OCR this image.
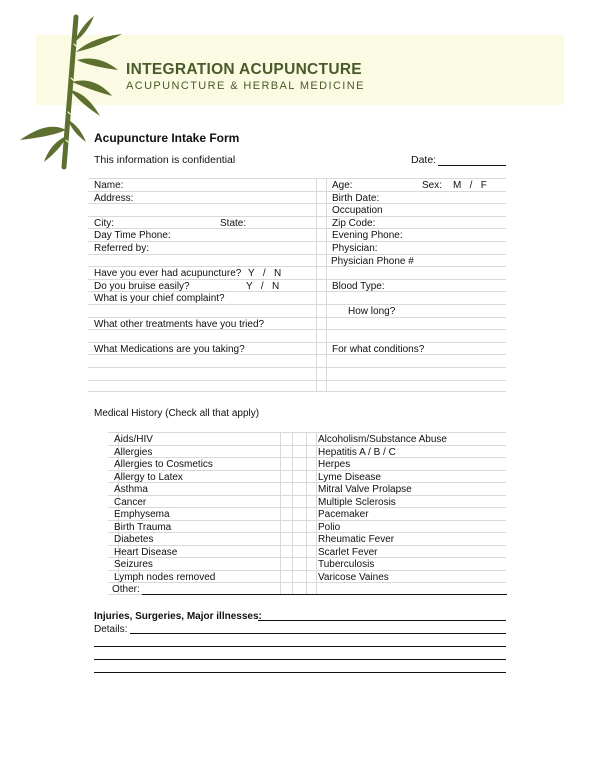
INTEGRATION ACUPUNCTURE
ACUPUNCTURE & HERBAL MEDICINE
Acupuncture Intake Form
This information is confidential	Date:
Name:	Age:	Sex: M   /   F
Address:	Birth Date:
Occupation
City:	State:	Zip Code:
Day Time Phone:	Evening Phone:
Referred by:	Physician:
Physician Phone #
Have you ever had acupuncture? Y   /   N
Do you bruise easily?	Y   /   N	Blood Type:
What is your chief complaint?
How long?
What other treatments have you tried?
What Medications are you taking?	For what conditions?
Medical History (Check all that apply)
Aids/HIV	Alcoholism/Substance Abuse
Allergies	Hepatitis A / B / C
Allergies to Cosmetics	Herpes
Allergy to Latex	Lyme Disease
Asthma	Mitral Valve Prolapse
Cancer	Multiple Sclerosis
Emphysema	Pacemaker
Birth Trauma	Polio
Diabetes	Rheumatic Fever
Heart Disease	Scarlet Fever
Seizures	Tuberculosis
Lymph nodes removed	Varicose Vaines
Other:
Injuries, Surgeries, Major illnesses:
Details:
